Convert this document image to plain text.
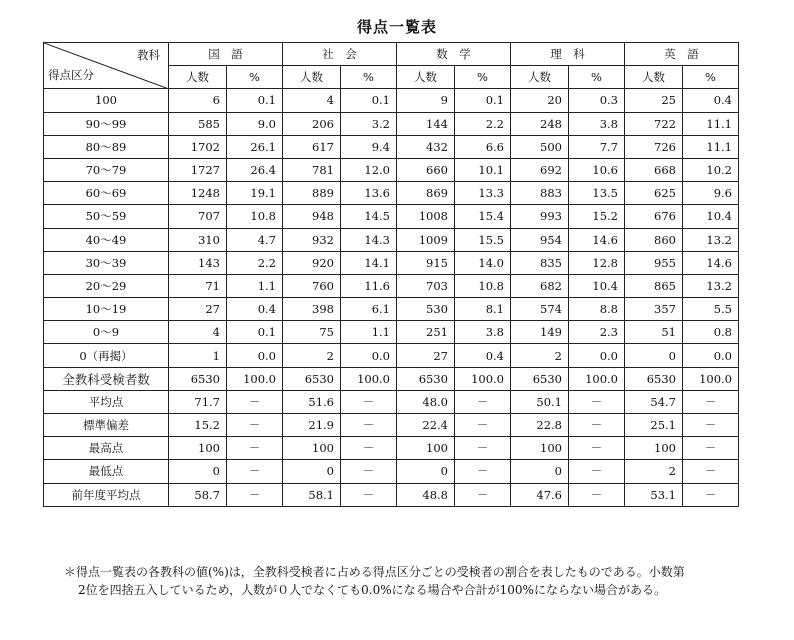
得点一覧表
教科
得点区分	国　語		社　会		数　学		理　科		英　語	
	人数	%	人数	%	人数	%	人数	%	人数	%
100	6	0.1	4	0.1	9	0.1	20	0.3	25	0.4
90～99	585	9.0	206	3.2	144	2.2	248	3.8	722	11.1
80～89	1702	26.1	617	9.4	432	6.6	500	7.7	726	11.1
70～79	1727	26.4	781	12.0	660	10.1	692	10.6	668	10.2
60～69	1248	19.1	889	13.6	869	13.3	883	13.5	625	9.6
50～59	707	10.8	948	14.5	1008	15.4	993	15.2	676	10.4
40～49	310	4.7	932	14.3	1009	15.5	954	14.6	860	13.2
30～39	143	2.2	920	14.1	915	14.0	835	12.8	955	14.6
20～29	71	1.1	760	11.6	703	10.8	682	10.4	865	13.2
10～19	27	0.4	398	6.1	530	8.1	574	8.8	357	5.5
0～9	4	0.1	75	1.1	251	3.8	149	2.3	51	0.8
0（再掲）	1	0.0	2	0.0	27	0.4	2	0.0	0	0.0
全教科受検者数	6530	100.0	6530	100.0	6530	100.0	6530	100.0	6530	100.0
平均点	71.7	－	51.6	－	48.0	－	50.1	－	54.7	－
標準偏差	15.2	－	21.9	－	22.4	－	22.8	－	25.1	－
最高点	100	－	100	－	100	－	100	－	100	－
最低点	0	－	0	－	0	－	0	－	2	－
前年度平均点	58.7	－	58.1	－	48.8	－	47.6	－	53.1	－
＊得点一覧表の各教科の値(%)は，全教科受検者に占める得点区分ごとの受検者の割合を表したものである。小数第
2位を四捨五入しているため，人数が０人でなくても0.0%になる場合や合計が100%にならない場合がある。
